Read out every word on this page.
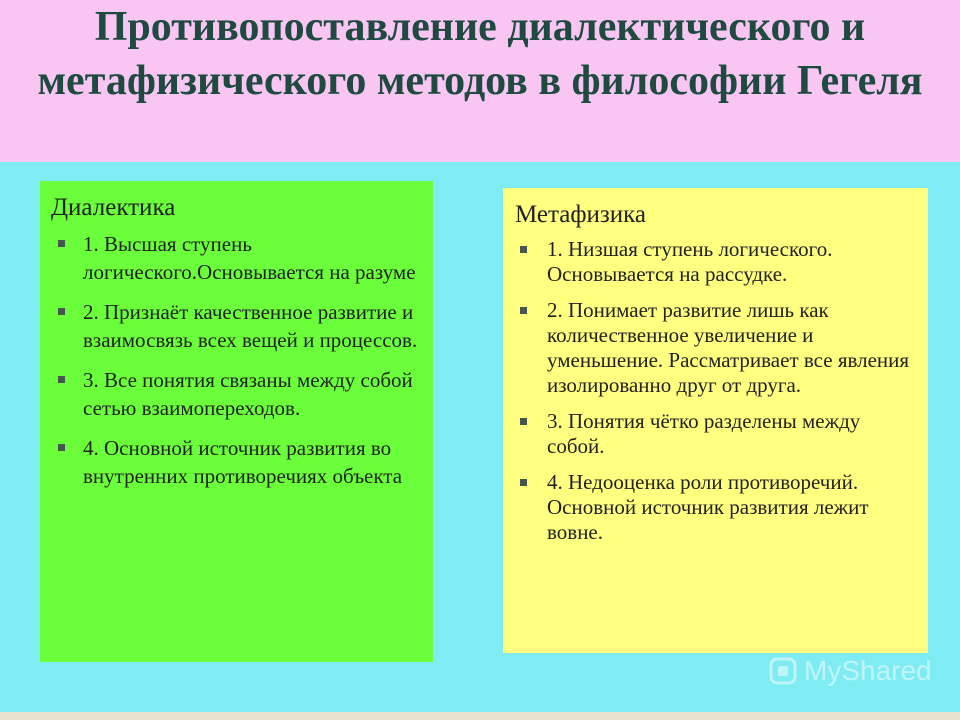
Противопоставление диалектического и метафизического методов в философии Гегеля
Диалектика
1. Высшая ступень логического.Основывается на разуме
2. Признаёт качественное развитие и взаимосвязь всех вещей и процессов.
3. Все понятия связаны между собой сетью взаимопереходов.
4. Основной источник развития во внутренних противоречиях объекта
Метафизика
1. Низшая ступень логического. Основывается на рассудке.
2. Понимает развитие лишь как количественное увеличение и уменьшение. Рассматривает все явления изолированно друг от друга.
3. Понятия чётко разделены между собой.
4. Недооценка роли противоречий. Основной источник развития лежит вовне.
MyShared
